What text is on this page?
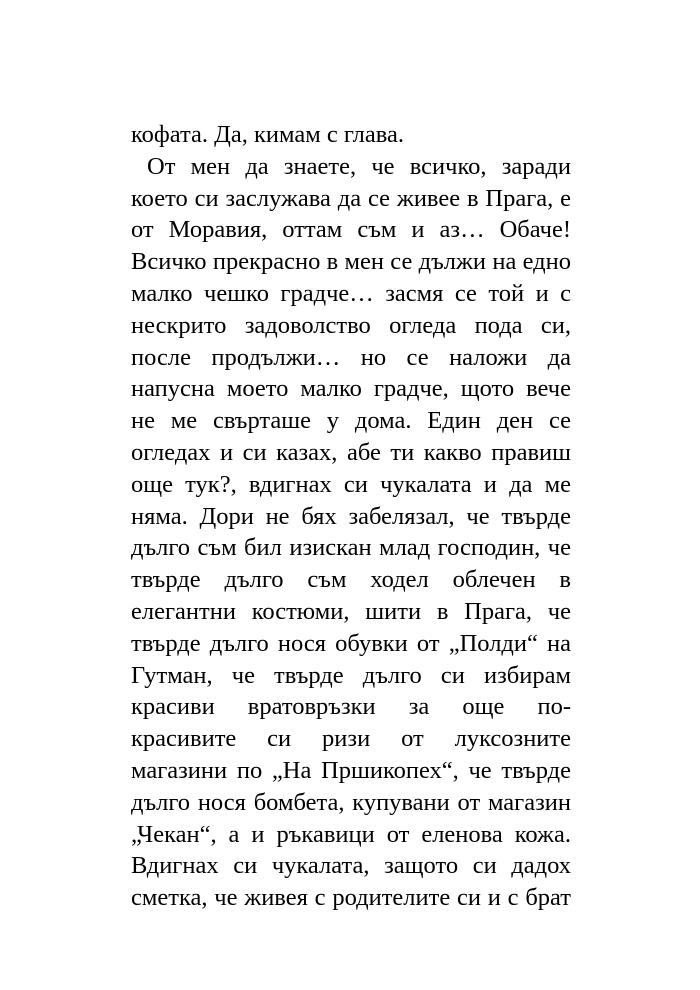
кофата. Да, кимам с глава.
От мен да знаете, че всичко, заради
което си заслужава да се живее в Прага, е
от Моравия, оттам съм и аз… Обаче!
Всичко прекрасно в мен се дължи на едно
малко чешко градче… засмя се той и с
нескрито задоволство огледа пода си,
после продължи… но се наложи да
напусна моето малко градче, щото вече
не ме свърташе у дома. Един ден се
огледах и си казах, абе ти какво правиш
още тук?, вдигнах си чукалата и да ме
няма. Дори не бях забелязал, че твърде
дълго съм бил изискан млад господин, че
твърде дълго съм ходел облечен в
елегантни костюми, шити в Прага, че
твърде дълго нося обувки от „Полди“ на
Гутман, че твърде дълго си избирам
красиви вратовръзки за още по-
красивите си ризи от луксозните
магазини по „На Пршикопех“, че твърде
дълго нося бомбета, купувани от магазин
„Чекан“, а и ръкавици от еленова кожа.
Вдигнах си чукалата, защото си дадох
сметка, че живея с родителите си и с брат
